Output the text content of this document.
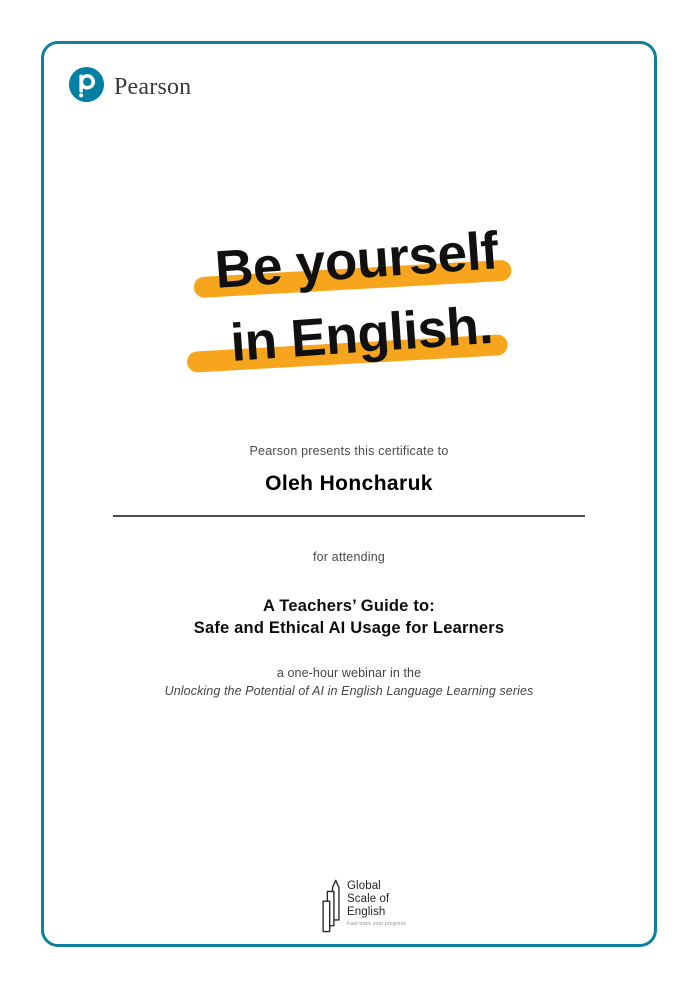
Pearson
Be yourself
in English.
Pearson presents this certificate to
Oleh Honcharuk
for attending
A Teachers’ Guide to:
Safe and Ethical AI Usage for Learners
a one-hour webinar in the
Unlocking the Potential of AI in English Language Learning series
Global
Scale of
English
Fast-track your progress
